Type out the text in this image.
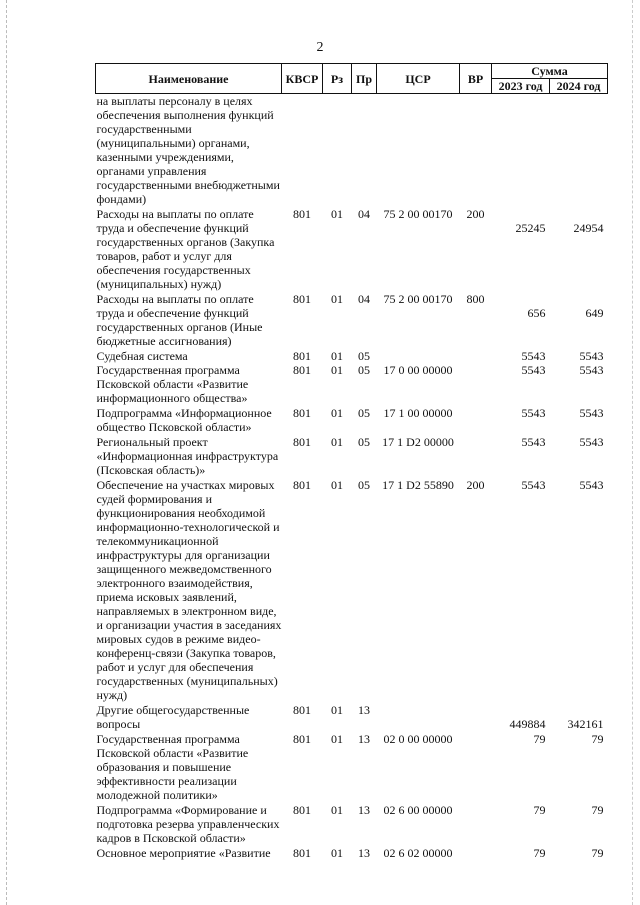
2
Наименование	КВСР	Рз	Пр	ЦСР	ВР	Сумма	
						2023 год	2024 год
на выплаты персоналу в целях обеспечения выполнения функций государственными (муниципальными) органами, казенными учреждениями, органами управления государственными внебюджетными фондами)							
Расходы на выплаты по оплате труда и обеспечение функций государственных органов (Закупка товаров, работ и услуг для обеспечения государственных (муниципальных) нужд)	801	01	04	75 2 00 00170	200	25245	24954
Расходы на выплаты по оплате труда и обеспечение функций государственных органов (Иные бюджетные ассигнования)	801	01	04	75 2 00 00170	800	656	649
Судебная система	801	01	05			5543	5543
Государственная программа Псковской области «Развитие информационного общества»	801	01	05	17 0 00 00000		5543	5543
Подпрограмма «Информационное общество Псковской области»	801	01	05	17 1 00 00000		5543	5543
Региональный проект «Информационная инфраструктура (Псковская область)»	801	01	05	17 1 D2 00000		5543	5543
Обеспечение на участках мировых судей формирования и функционирования необходимой информационно-технологической и телекоммуникационной инфраструктуры для организации защищенного межведомственного электронного взаимодействия, приема исковых заявлений, направляемых в электронном виде, и организации участия в заседаниях мировых судов в режиме видео-конференц-связи (Закупка товаров, работ и услуг для обеспечения государственных (муниципальных) нужд)	801	01	05	17 1 D2 55890	200	5543	5543
Другие общегосударственные вопросы	801	01	13			449884	342161
Государственная программа Псковской области «Развитие образования и повышение эффективности реализации молодежной политики»	801	01	13	02 0 00 00000		79	79
Подпрограмма «Формирование и подготовка резерва управленческих кадров в Псковской области»	801	01	13	02 6 00 00000		79	79
Основное мероприятие «Развитие	801	01	13	02 6 02 00000		79	79
